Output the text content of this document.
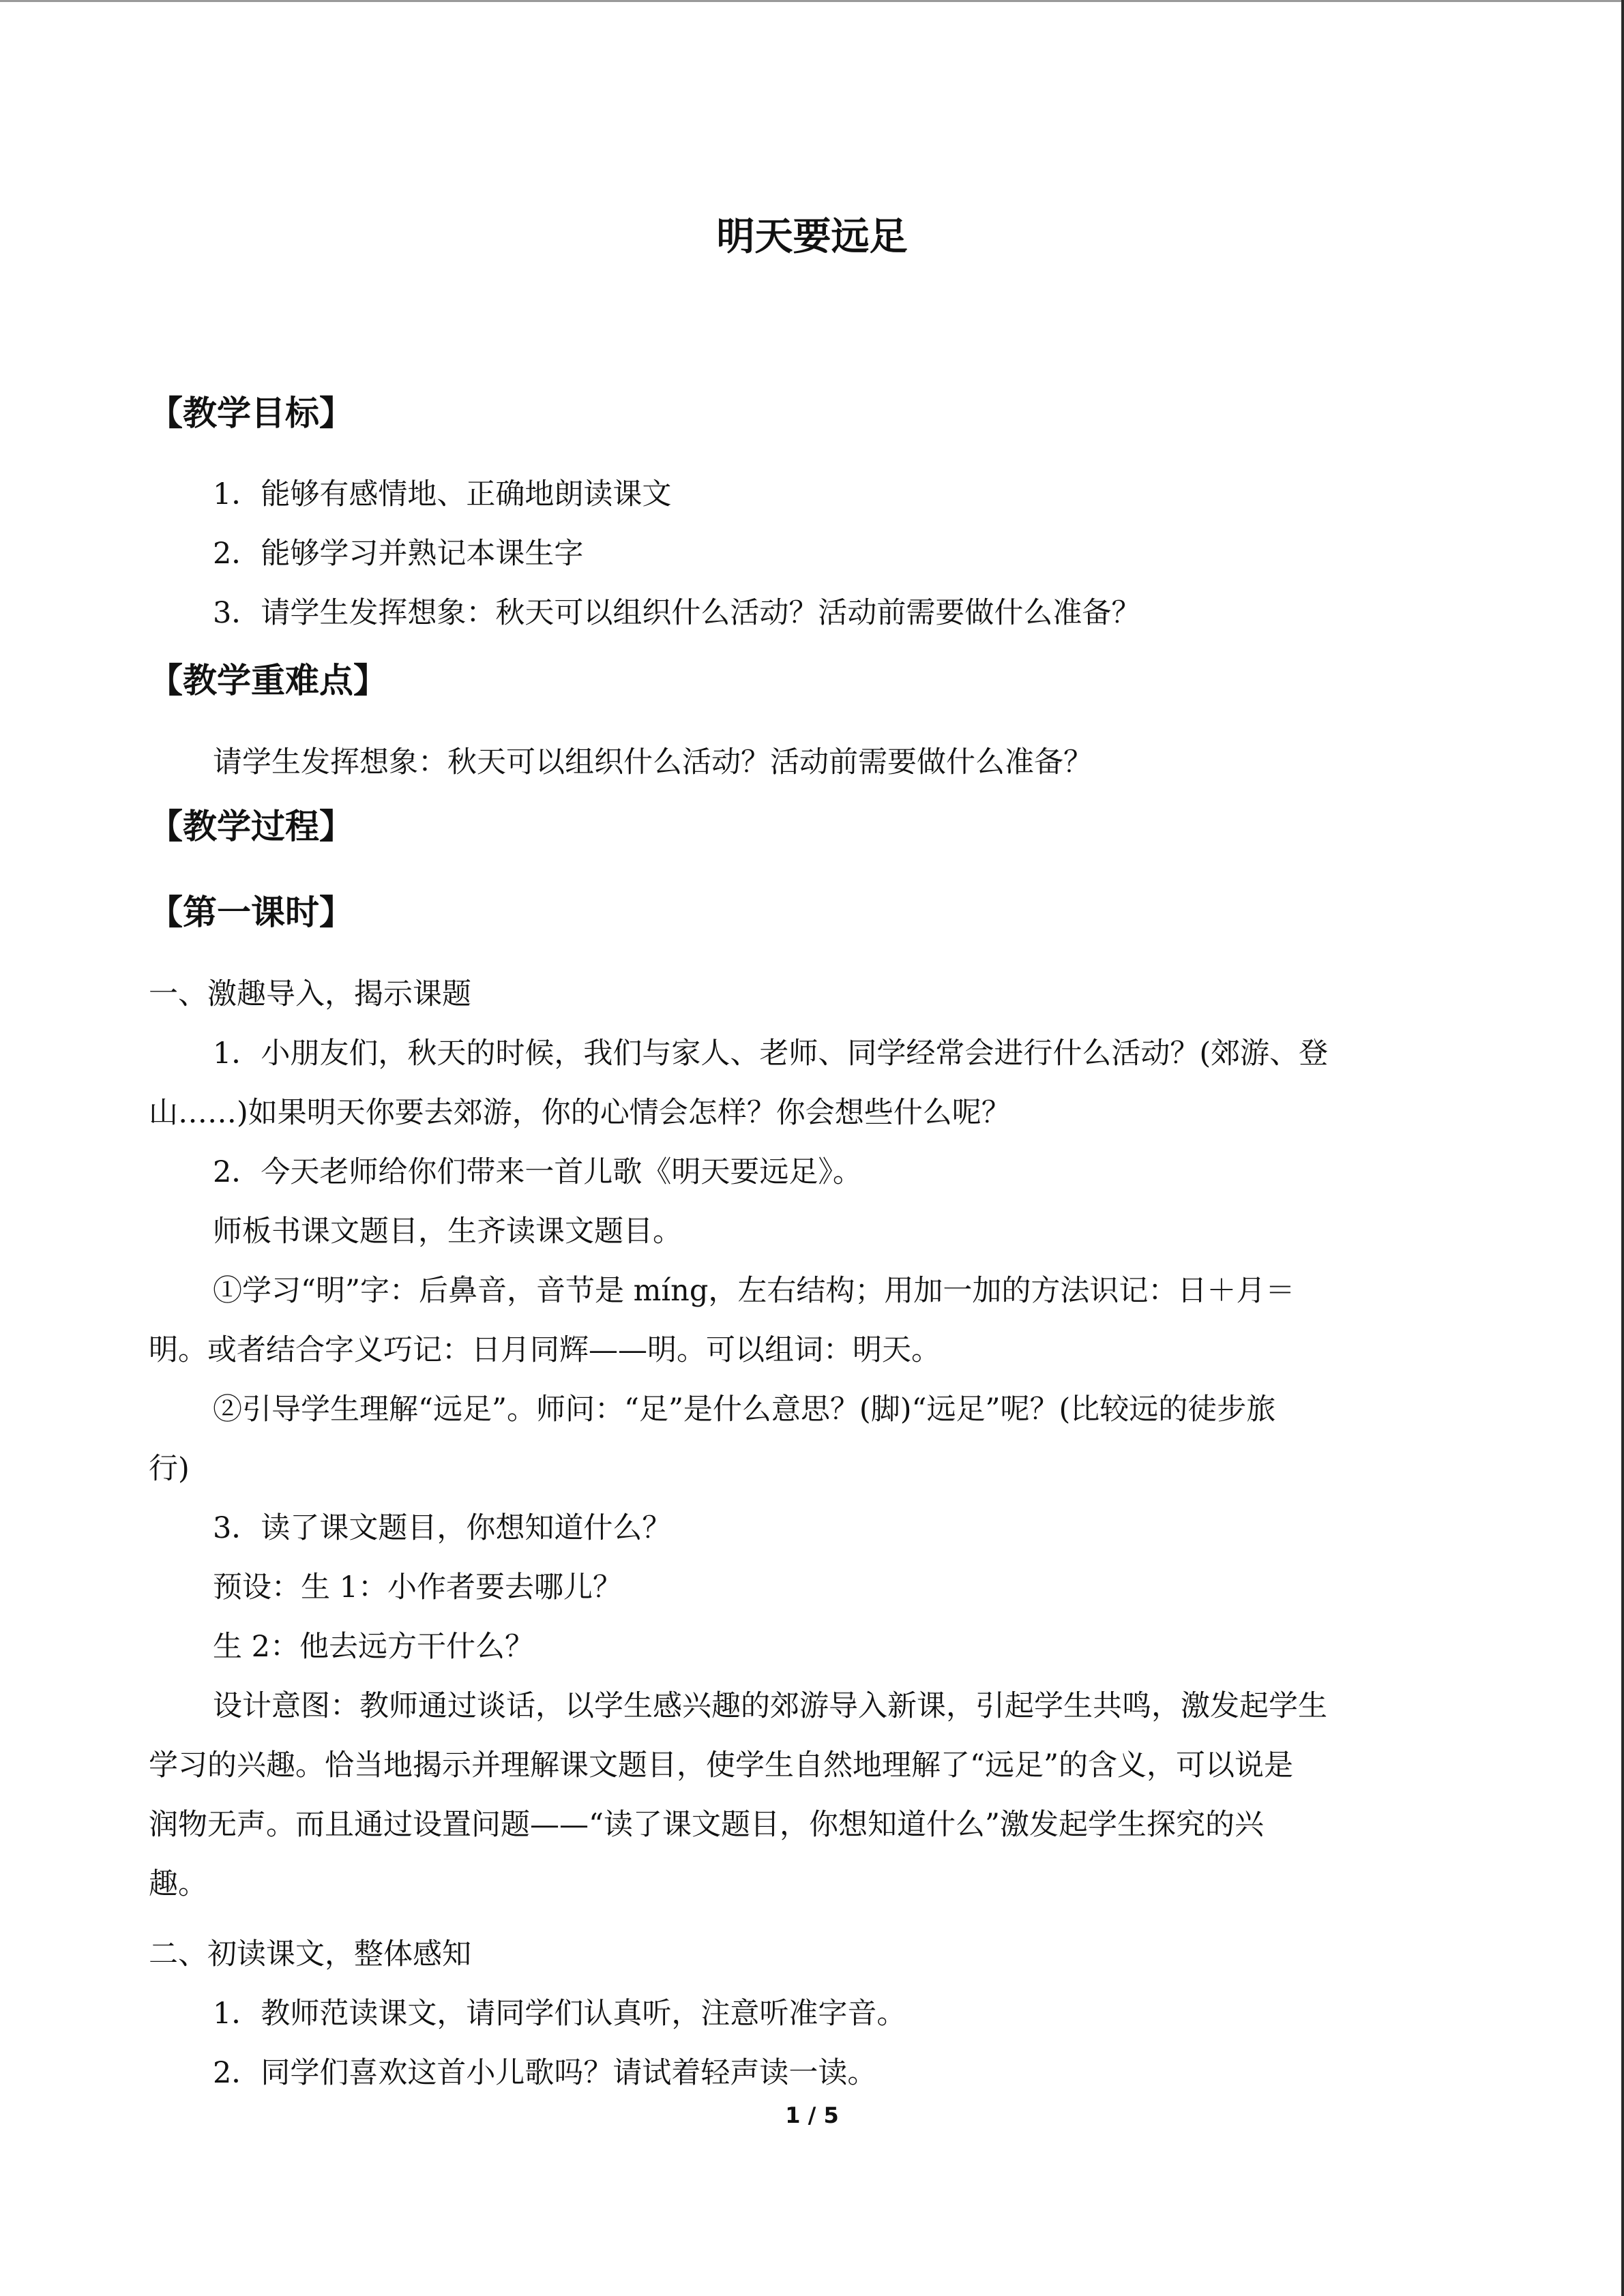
明天要远足
【教学目标】
1．能够有感情地、正确地朗读课文
2．能够学习并熟记本课生字
3．请学生发挥想象：秋天可以组织什么活动？活动前需要做什么准备？
【教学重难点】
请学生发挥想象：秋天可以组织什么活动？活动前需要做什么准备？
【教学过程】
【第一课时】
一、激趣导入，揭示课题
1．小朋友们，秋天的时候，我们与家人、老师、同学经常会进行什么活动？(郊游、登
山……)如果明天你要去郊游，你的心情会怎样？你会想些什么呢？
2．今天老师给你们带来一首儿歌《明天要远足》。
师板书课文题目，生齐读课文题目。
①学习“明”字：后鼻音，音节是 míng，左右结构；用加一加的方法识记：日＋月＝
明。或者结合字义巧记：日月同辉——明。可以组词：明天。
②引导学生理解“远足”。师问：“足”是什么意思？(脚)“远足”呢？(比较远的徒步旅
行)
3．读了课文题目，你想知道什么？
预设：生 1：小作者要去哪儿？
生 2：他去远方干什么？
设计意图：教师通过谈话，以学生感兴趣的郊游导入新课，引起学生共鸣，激发起学生
学习的兴趣。恰当地揭示并理解课文题目，使学生自然地理解了“远足”的含义，可以说是
润物无声。而且通过设置问题——“读了课文题目，你想知道什么”激发起学生探究的兴
趣。
二、初读课文，整体感知
1．教师范读课文，请同学们认真听，注意听准字音。
2．同学们喜欢这首小儿歌吗？请试着轻声读一读。
1 / 5
